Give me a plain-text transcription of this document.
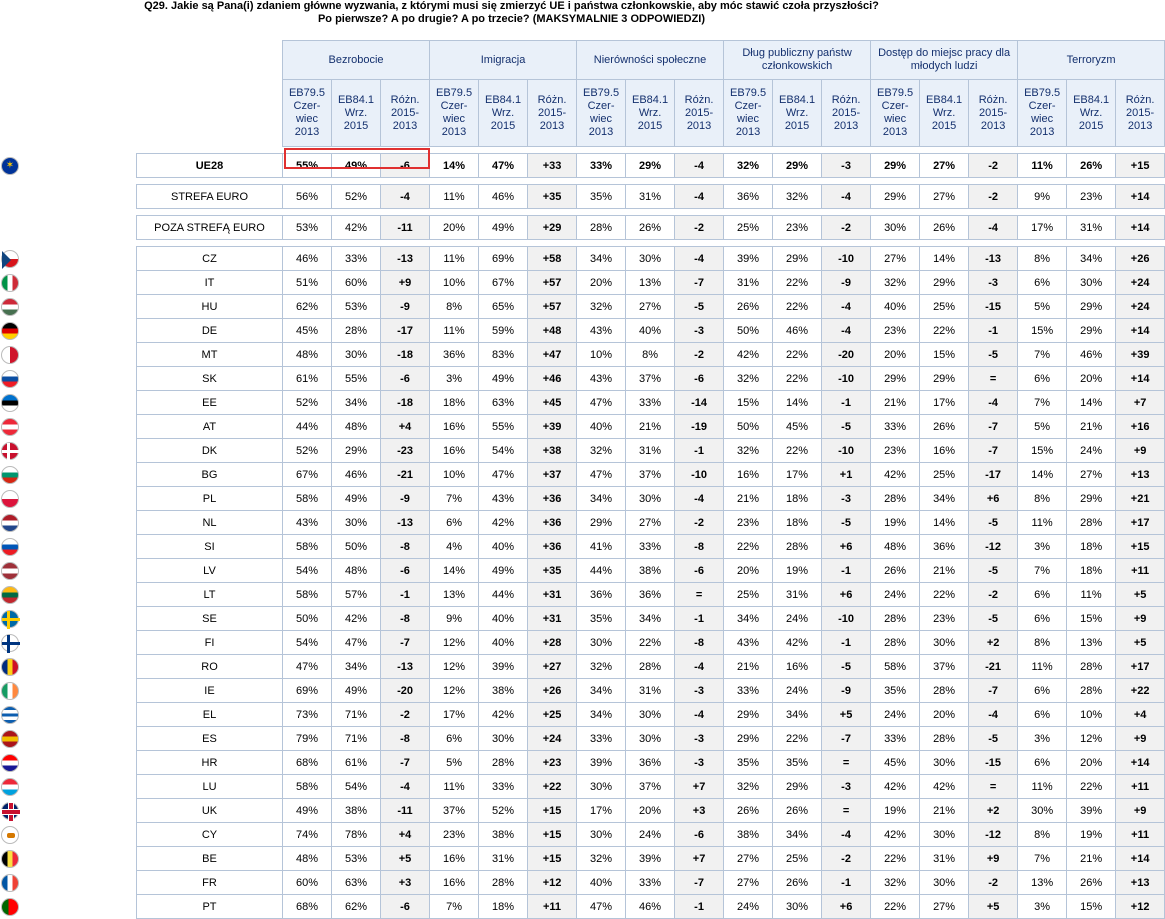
Q29. Jakie są Pana(i) zdaniem główne wyzwania, z którymi musi się zmierzyć UE i państwa członkowskie, aby móc stawić czoła przyszłości?
Po pierwsze? A po drugie? A po trzecie? (MAKSYMALNIE 3 ODPOWIEDZI)
	Bezrobocie			Imigracja			Nierówności społeczne			Dług publiczny państw członkowskich			Dostęp do miejsc pracy dla młodych ludzi			Terroryzm		
	EB79.5 Czer-wiec 2013	EB84.1 Wrz. 2015	Różn. 2015-2013	EB79.5 Czer-wiec 2013	EB84.1 Wrz. 2015	Różn. 2015-2013	EB79.5 Czer-wiec 2013	EB84.1 Wrz. 2015	Różn. 2015-2013	EB79.5 Czer-wiec 2013	EB84.1 Wrz. 2015	Różn. 2015-2013	EB79.5 Czer-wiec 2013	EB84.1 Wrz. 2015	Różn. 2015-2013	EB79.5 Czer-wiec 2013	EB84.1 Wrz. 2015	Różn. 2015-2013

UE28	55%	49%	-6	14%	47%	+33	33%	29%	-4	32%	29%	-3	29%	27%	-2	11%	26%	+15

STREFA EURO	56%	52%	-4	11%	46%	+35	35%	31%	-4	36%	32%	-4	29%	27%	-2	9%	23%	+14

POZA STREFĄ EURO	53%	42%	-11	20%	49%	+29	28%	26%	-2	25%	23%	-2	30%	26%	-4	17%	31%	+14

CZ	46%	33%	-13	11%	69%	+58	34%	30%	-4	39%	29%	-10	27%	14%	-13	8%	34%	+26
IT	51%	60%	+9	10%	67%	+57	20%	13%	-7	31%	22%	-9	32%	29%	-3	6%	30%	+24
HU	62%	53%	-9	8%	65%	+57	32%	27%	-5	26%	22%	-4	40%	25%	-15	5%	29%	+24
DE	45%	28%	-17	11%	59%	+48	43%	40%	-3	50%	46%	-4	23%	22%	-1	15%	29%	+14
MT	48%	30%	-18	36%	83%	+47	10%	8%	-2	42%	22%	-20	20%	15%	-5	7%	46%	+39
SK	61%	55%	-6	3%	49%	+46	43%	37%	-6	32%	22%	-10	29%	29%	=	6%	20%	+14
EE	52%	34%	-18	18%	63%	+45	47%	33%	-14	15%	14%	-1	21%	17%	-4	7%	14%	+7
AT	44%	48%	+4	16%	55%	+39	40%	21%	-19	50%	45%	-5	33%	26%	-7	5%	21%	+16
DK	52%	29%	-23	16%	54%	+38	32%	31%	-1	32%	22%	-10	23%	16%	-7	15%	24%	+9
BG	67%	46%	-21	10%	47%	+37	47%	37%	-10	16%	17%	+1	42%	25%	-17	14%	27%	+13
PL	58%	49%	-9	7%	43%	+36	34%	30%	-4	21%	18%	-3	28%	34%	+6	8%	29%	+21
NL	43%	30%	-13	6%	42%	+36	29%	27%	-2	23%	18%	-5	19%	14%	-5	11%	28%	+17
SI	58%	50%	-8	4%	40%	+36	41%	33%	-8	22%	28%	+6	48%	36%	-12	3%	18%	+15
LV	54%	48%	-6	14%	49%	+35	44%	38%	-6	20%	19%	-1	26%	21%	-5	7%	18%	+11
LT	58%	57%	-1	13%	44%	+31	36%	36%	=	25%	31%	+6	24%	22%	-2	6%	11%	+5
SE	50%	42%	-8	9%	40%	+31	35%	34%	-1	34%	24%	-10	28%	23%	-5	6%	15%	+9
FI	54%	47%	-7	12%	40%	+28	30%	22%	-8	43%	42%	-1	28%	30%	+2	8%	13%	+5
RO	47%	34%	-13	12%	39%	+27	32%	28%	-4	21%	16%	-5	58%	37%	-21	11%	28%	+17
IE	69%	49%	-20	12%	38%	+26	34%	31%	-3	33%	24%	-9	35%	28%	-7	6%	28%	+22
EL	73%	71%	-2	17%	42%	+25	34%	30%	-4	29%	34%	+5	24%	20%	-4	6%	10%	+4
ES	79%	71%	-8	6%	30%	+24	33%	30%	-3	29%	22%	-7	33%	28%	-5	3%	12%	+9
HR	68%	61%	-7	5%	28%	+23	39%	36%	-3	35%	35%	=	45%	30%	-15	6%	20%	+14
LU	58%	54%	-4	11%	33%	+22	30%	37%	+7	32%	29%	-3	42%	42%	=	11%	22%	+11
UK	49%	38%	-11	37%	52%	+15	17%	20%	+3	26%	26%	=	19%	21%	+2	30%	39%	+9
CY	74%	78%	+4	23%	38%	+15	30%	24%	-6	38%	34%	-4	42%	30%	-12	8%	19%	+11
BE	48%	53%	+5	16%	31%	+15	32%	39%	+7	27%	25%	-2	22%	31%	+9	7%	21%	+14
FR	60%	63%	+3	16%	28%	+12	40%	33%	-7	27%	26%	-1	32%	30%	-2	13%	26%	+13
PT	68%	62%	-6	7%	18%	+11	47%	46%	-1	24%	30%	+6	22%	27%	+5	3%	15%	+12
✶
